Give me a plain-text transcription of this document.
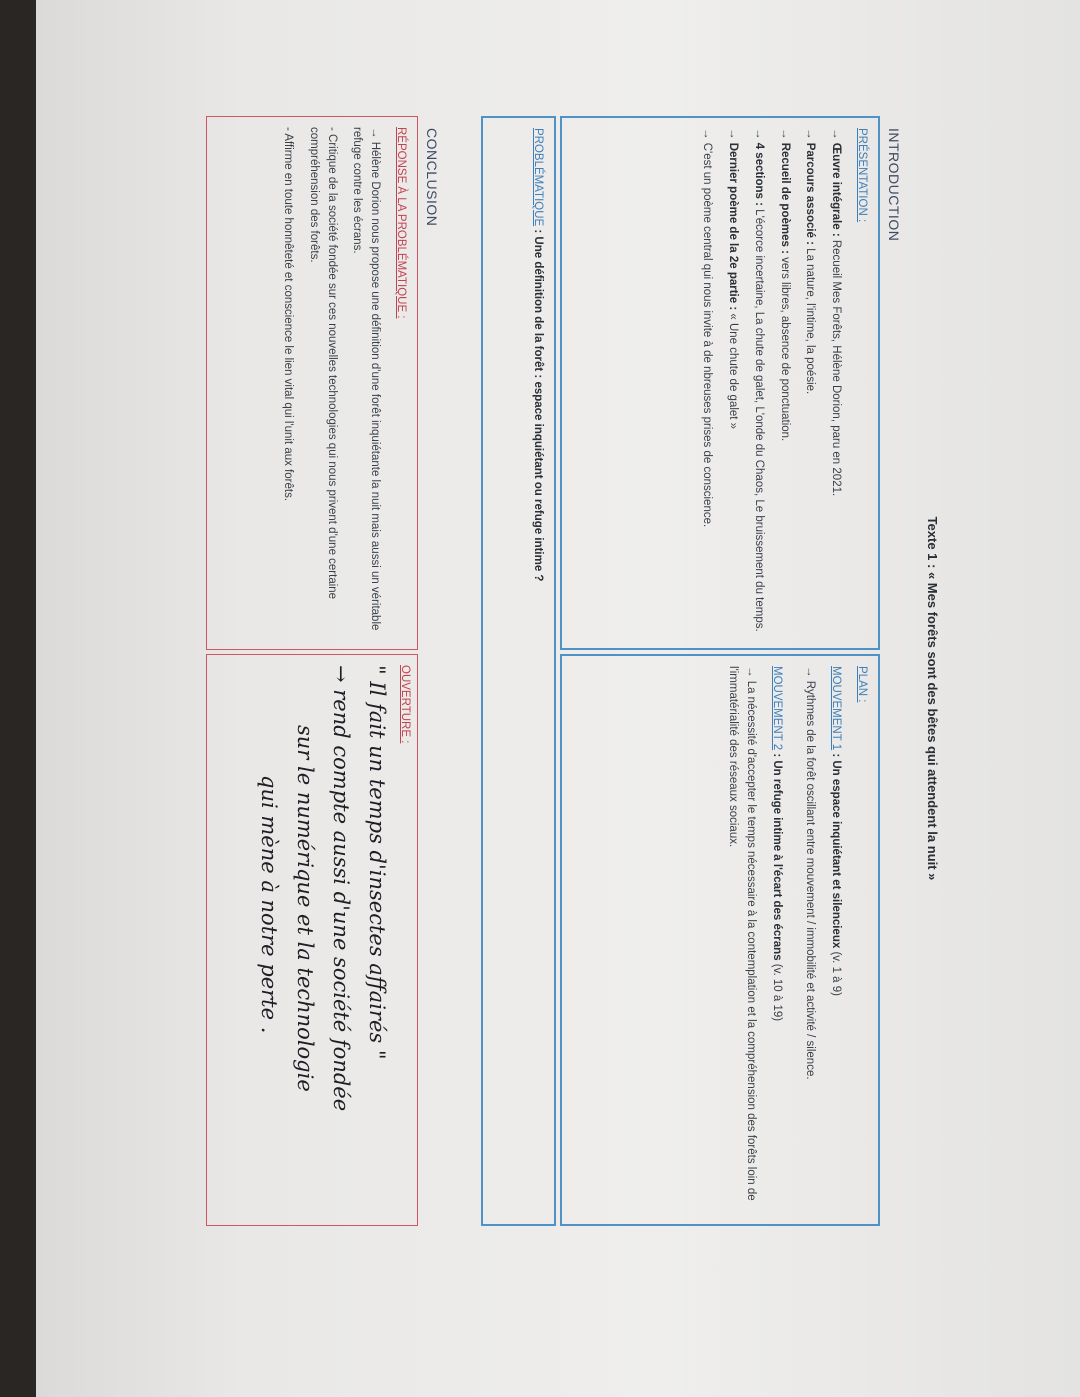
Texte 1 : « Mes forêts sont des bêtes qui attendent la nuit »
INTRODUCTION
PRÉSENTATION :
→ Œuvre intégrale : Recueil Mes Forêts, Hélène Dorion, paru en 2021.
→ Parcours associé : La nature, l'intime, la poésie.
→ Recueil de poèmes : vers libres, absence de ponctuation.
→ 4 sections : L'écorce incertaine, La chute de galet, L'onde du Chaos, Le bruissement du temps.
→ Dernier poème de la 2e partie : « Une chute de galet »
→ C'est un poème central qui nous invite à de nbreuses prises de conscience.
PLAN :
MOUVEMENT 1 : Un espace inquiétant et silencieux (v. 1 à 9)
→ Rythmes de la forêt oscillant entre mouvement / immobilité et activité / silence.
MOUVEMENT 2 : Un refuge intime à l'écart des écrans (v. 10 à 19)
→ La nécessité d'accepter le temps nécessaire à la contemplation et la compréhension des forêts loin de l'immatérialité des réseaux sociaux.
PROBLÉMATIQUE : Une définition de la forêt : espace inquiétant ou refuge intime ?
CONCLUSION
RÉPONSE À LA PROBLÉMATIQUE :
→ Hélène Dorion nous propose une définition d'une forêt inquiétante la nuit mais aussi un véritable refuge contre les écrans.
- Critique de la société fondée sur ces nouvelles technologies qui nous privent d'une certaine compréhension des forêts.
- Affirme en toute honnêteté et conscience le lien vital qui l'unit aux forêts.
OUVERTURE :
" Il fait un temps d'insectes affairés "
→ rend compte aussi d'une société fondée
sur le numérique et la technologie
qui mène à notre perte .
